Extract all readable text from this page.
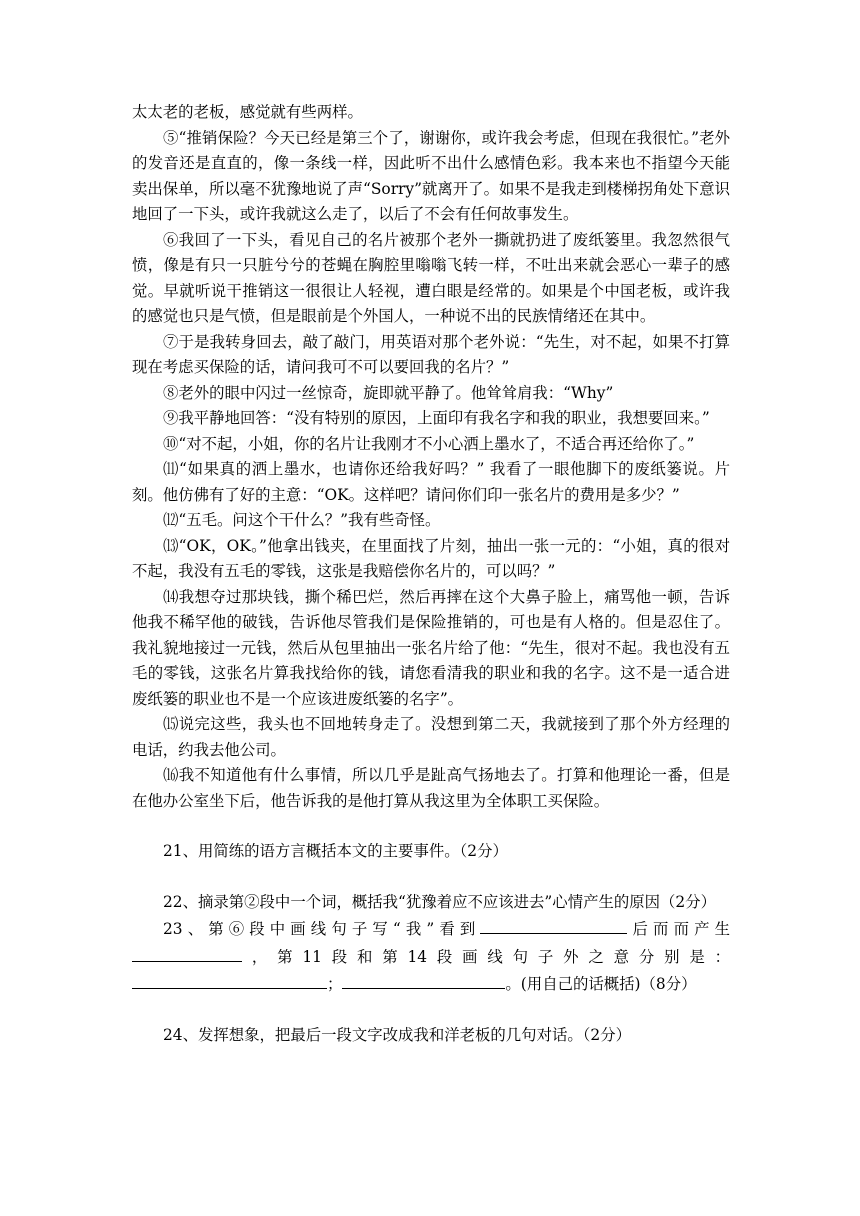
太太老的老板，感觉就有些两样。

⑤“推销保险？今天已经是第三个了，谢谢你，或许我会考虑，但现在我很忙。”老外的发音还是直直的，像一条线一样，因此听不出什么感情色彩。我本来也不指望今天能卖出保单，所以毫不犹豫地说了声“Sorry”就离开了。如果不是我走到楼梯拐角处下意识地回了一下头，或许我就这么走了，以后了不会有任何故事发生。

⑥我回了一下头，看见自己的名片被那个老外一撕就扔进了废纸篓里。我忽然很气愤，像是有只一只脏兮兮的苍蝇在胸腔里嗡嗡飞转一样，不吐出来就会恶心一辈子的感觉。早就听说干推销这一很很让人轻视，遭白眼是经常的。如果是个中国老板，或许我的感觉也只是气愤，但是眼前是个外国人，一种说不出的民族情绪还在其中。

⑦于是我转身回去，敲了敲门，用英语对那个老外说：“先生，对不起，如果不打算现在考虑买保险的话，请问我可不可以要回我的名片？”

⑧老外的眼中闪过一丝惊奇，旋即就平静了。他耸耸肩我：“Why”

⑨我平静地回答：“没有特别的原因，上面印有我名字和我的职业，我想要回来。”

⑩“对不起，小姐，你的名片让我刚才不小心洒上墨水了，不适合再还给你了。”

⑾“如果真的洒上墨水，也请你还给我好吗？” 我看了一眼他脚下的废纸篓说。片刻。他仿佛有了好的主意：“OK。这样吧？请问你们印一张名片的费用是多少？”

⑿“五毛。问这个干什么？”我有些奇怪。

⒀“OK，OK。”他拿出钱夹，在里面找了片刻，抽出一张一元的：“小姐，真的很对不起，我没有五毛的零钱，这张是我赔偿你名片的，可以吗？”

⒁我想夺过那块钱，撕个稀巴烂，然后再摔在这个大鼻子脸上，痛骂他一顿，告诉他我不稀罕他的破钱，告诉他尽管我们是保险推销的，可也是有人格的。但是忍住了。我礼貌地接过一元钱，然后从包里抽出一张名片给了他：“先生，很对不起。我也没有五毛的零钱，这张名片算我找给你的钱，请您看清我的职业和我的名字。这不是一适合进废纸篓的职业也不是一个应该进废纸篓的名字”。

⒂说完这些，我头也不回地转身走了。没想到第二天，我就接到了那个外方经理的电话，约我去他公司。

⒃我不知道他有什么事情，所以几乎是趾高气扬地去了。打算和他理论一番，但是在他办公室坐下后，他告诉我的是他打算从我这里为全体职工买保险。

21、用简练的语方言概括本文的主要事件。（2分）

22、摘录第②段中一个词，概括我“犹豫着应不应该进去”心情产生的原因（2分）

23、第⑥段中画线句子写“我”看到	后而而产生

，第11段和第14段画线句子外之意分别是：

；	。(用自己的话概括)（8分）

24、发挥想象，把最后一段文字改成我和洋老板的几句对话。（2分）
